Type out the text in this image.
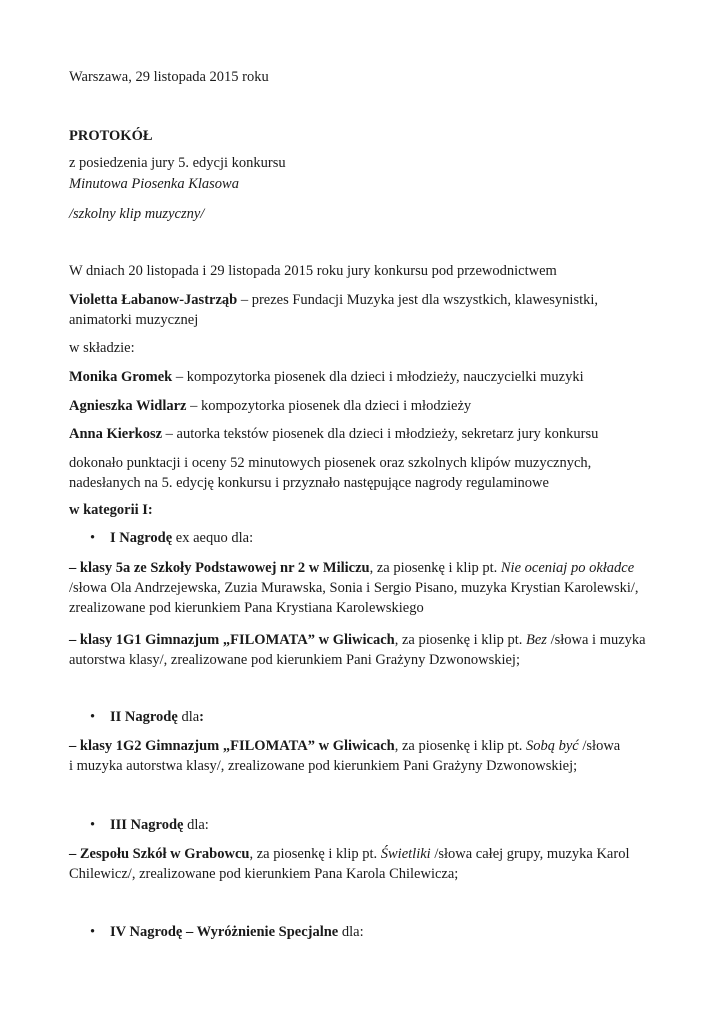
Warszawa, 29 listopada 2015 roku
PROTOKÓŁ
z posiedzenia jury 5. edycji konkursu
Minutowa Piosenka Klasowa
/szkolny klip muzyczny/
W dniach 20 listopada i 29 listopada 2015 roku jury konkursu pod przewodnictwem
Violetta Łabanow-Jastrząb – prezes Fundacji Muzyka jest dla wszystkich, klawesynistki,
animatorki muzycznej
w składzie:
Monika Gromek – kompozytorka piosenek dla dzieci i młodzieży, nauczycielki muzyki
Agnieszka Widlarz – kompozytorka piosenek dla dzieci i młodzieży
Anna Kierkosz – autorka tekstów piosenek dla dzieci i młodzieży, sekretarz jury konkursu
dokonało punktacji i oceny 52 minutowych piosenek oraz szkolnych klipów muzycznych,
nadesłanych na 5. edycję konkursu i przyznało następujące nagrody regulaminowe
w kategorii I:
• I Nagrodę ex aequo dla:
– klasy 5a ze Szkoły Podstawowej nr 2 w Miliczu, za piosenkę i klip pt. Nie oceniaj po okładce
/słowa Ola Andrzejewska, Zuzia Murawska, Sonia i Sergio Pisano, muzyka Krystian Karolewski/,
zrealizowane pod kierunkiem Pana Krystiana Karolewskiego
– klasy 1G1 Gimnazjum „FILOMATA” w Gliwicach, za piosenkę i klip pt. Bez /słowa i muzyka
autorstwa klasy/, zrealizowane pod kierunkiem Pani Grażyny Dzwonowskiej;
• II Nagrodę dla:
– klasy 1G2 Gimnazjum „FILOMATA” w Gliwicach, za piosenkę i klip pt. Sobą być /słowa
i muzyka autorstwa klasy/, zrealizowane pod kierunkiem Pani Grażyny Dzwonowskiej;
• III Nagrodę dla:
– Zespołu Szkół w Grabowcu, za piosenkę i klip pt. Świetliki /słowa całej grupy, muzyka Karol
Chilewicz/, zrealizowane pod kierunkiem Pana Karola Chilewicza;
• IV Nagrodę – Wyróżnienie Specjalne dla:
